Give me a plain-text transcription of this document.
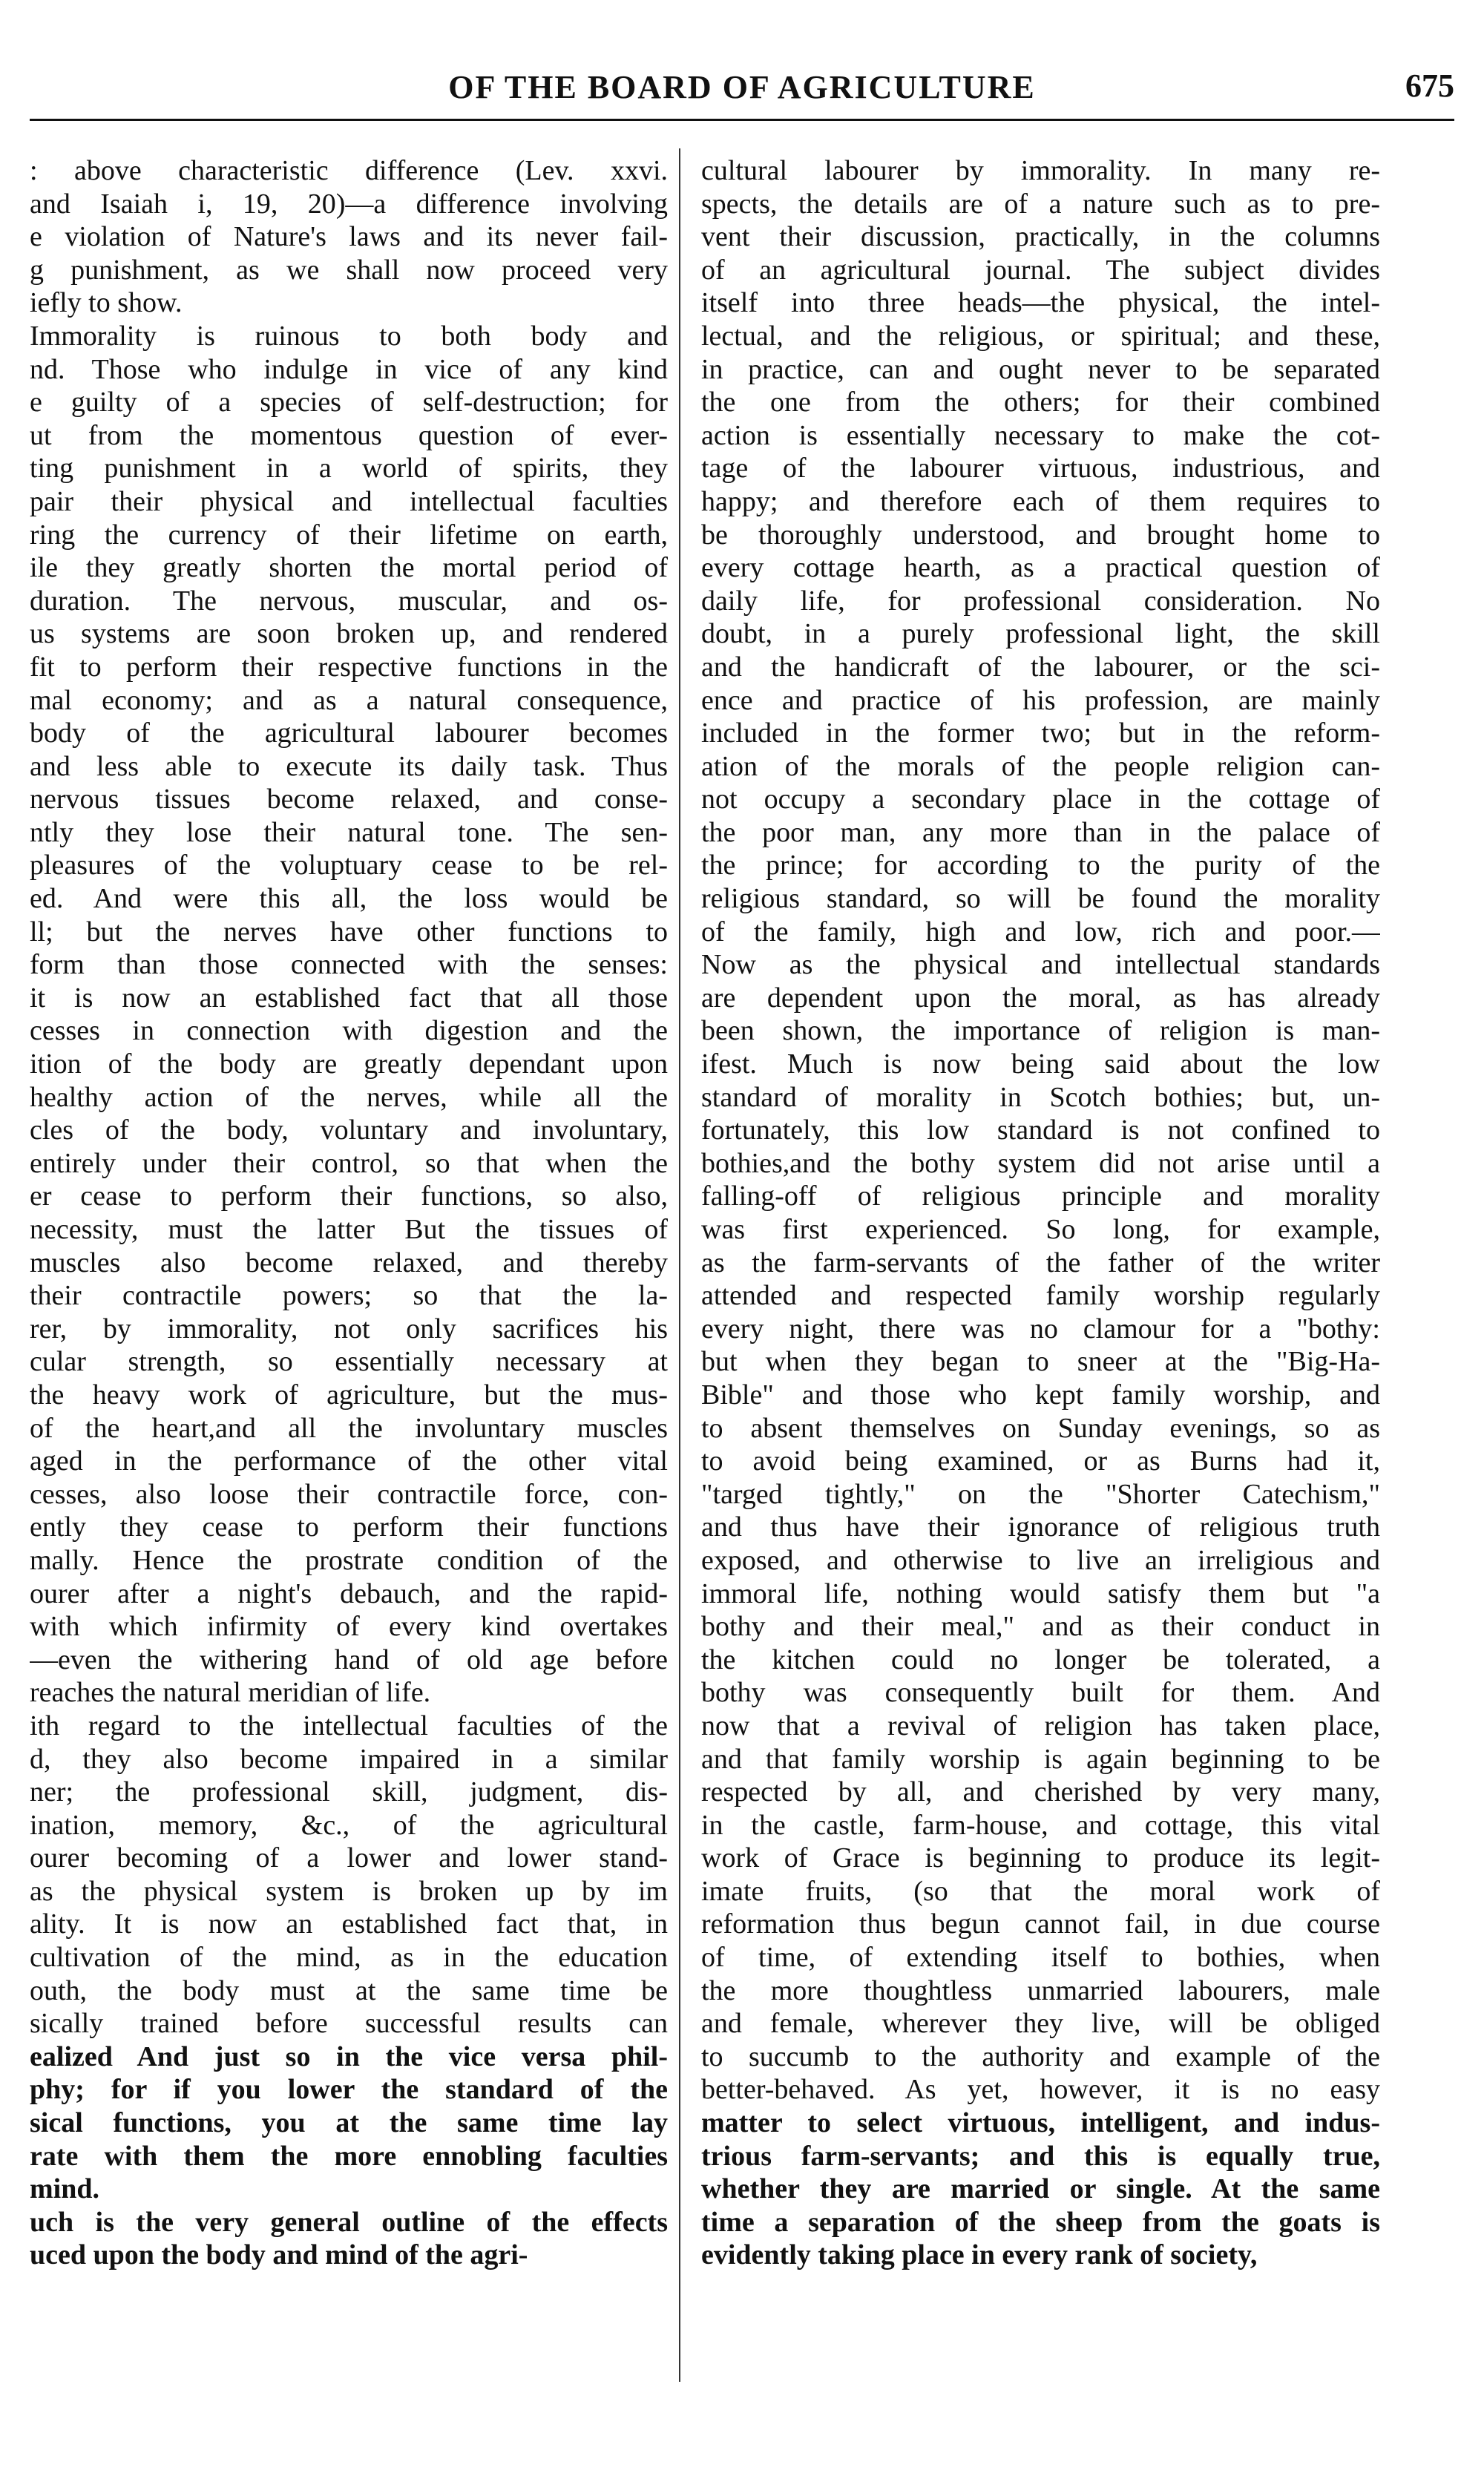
OF THE BOARD OF AGRICULTURE	675
: above characteristic difference (Lev. xxvi.
and Isaiah i, 19, 20)—a difference involving
e violation of Nature's laws and its never fail-
g punishment, as we shall now proceed very
iefly to show.
Immorality is ruinous to both body and
nd. Those who indulge in vice of any kind
e guilty of a species of self-destruction; for
ut from the momentous question of ever-
ting punishment in a world of spirits, they
pair their physical and intellectual faculties
ring the currency of their lifetime on earth,
ile they greatly shorten the mortal period of
duration. The nervous, muscular, and os-
us systems are soon broken up, and rendered
fit to perform their respective functions in the
mal economy; and as a natural consequence,
body of the agricultural labourer becomes
and less able to execute its daily task. Thus
nervous tissues become relaxed, and conse-
ntly they lose their natural tone. The sen-
pleasures of the voluptuary cease to be rel-
ed. And were this all, the loss would be
ll; but the nerves have other functions to
form than those connected with the senses:
it is now an established fact that all those
cesses in connection with digestion and the
ition of the body are greatly dependant upon
healthy action of the nerves, while all the
cles of the body, voluntary and involuntary,
entirely under their control, so that when the
er cease to perform their functions, so also,
necessity, must the latter But the tissues of
muscles also become relaxed, and thereby
their contractile powers; so that the la-
rer, by immorality, not only sacrifices his
cular strength, so essentially necessary at
the heavy work of agriculture, but the mus-
of the heart,and all the involuntary muscles
aged in the performance of the other vital
cesses, also loose their contractile force, con-
ently they cease to perform their functions
mally. Hence the prostrate condition of the
ourer after a night's debauch, and the rapid-
with which infirmity of every kind overtakes
—even the withering hand of old age before
reaches the natural meridian of life.
ith regard to the intellectual faculties of the
d, they also become impaired in a similar
ner; the professional skill, judgment, dis-
ination, memory, &c., of the agricultural
ourer becoming of a lower and lower stand-
as the physical system is broken up by im
ality. It is now an established fact that, in
cultivation of the mind, as in the education
outh, the body must at the same time be
sically trained before successful results can
ealized And just so in the vice versa phil-
phy; for if you lower the standard of the
sical functions, you at the same time lay
rate with them the more ennobling faculties
mind.
uch is the very general outline of the effects
uced upon the body and mind of the agri-
cultural labourer by immorality. In many re-
spects, the details are of a nature such as to pre-
vent their discussion, practically, in the columns
of an agricultural journal. The subject divides
itself into three heads—the physical, the intel-
lectual, and the religious, or spiritual; and these,
in practice, can and ought never to be separated
the one from the others; for their combined
action is essentially necessary to make the cot-
tage of the labourer virtuous, industrious, and
happy; and therefore each of them requires to
be thoroughly understood, and brought home to
every cottage hearth, as a practical question of
daily life, for professional consideration. No
doubt, in a purely professional light, the skill
and the handicraft of the labourer, or the sci-
ence and practice of his profession, are mainly
included in the former two; but in the reform-
ation of the morals of the people religion can-
not occupy a secondary place in the cottage of
the poor man, any more than in the palace of
the prince; for according to the purity of the
religious standard, so will be found the morality
of the family, high and low, rich and poor.—
Now as the physical and intellectual standards
are dependent upon the moral, as has already
been shown, the importance of religion is man-
ifest. Much is now being said about the low
standard of morality in Scotch bothies; but, un-
fortunately, this low standard is not confined to
bothies,and the bothy system did not arise until a
falling-off of religious principle and morality
was first experienced. So long, for example,
as the farm-servants of the father of the writer
attended and respected family worship regularly
every night, there was no clamour for a "bothy:
but when they began to sneer at the "Big-Ha-
Bible" and those who kept family worship, and
to absent themselves on Sunday evenings, so as
to avoid being examined, or as Burns had it,
"targed tightly," on the "Shorter Catechism,"
and thus have their ignorance of religious truth
exposed, and otherwise to live an irreligious and
immoral life, nothing would satisfy them but "a
bothy and their meal," and as their conduct in
the kitchen could no longer be tolerated, a
bothy was consequently built for them. And
now that a revival of religion has taken place,
and that family worship is again beginning to be
respected by all, and cherished by very many,
in the castle, farm-house, and cottage, this vital
work of Grace is beginning to produce its legit-
imate fruits, (so that the moral work of
reformation thus begun cannot fail, in due course
of time, of extending itself to bothies, when
the more thoughtless unmarried labourers, male
and female, wherever they live, will be obliged
to succumb to the authority and example of the
better-behaved. As yet, however, it is no easy
matter to select virtuous, intelligent, and indus-
trious farm-servants; and this is equally true,
whether they are married or single. At the same
time a separation of the sheep from the goats is
evidently taking place in every rank of society,
